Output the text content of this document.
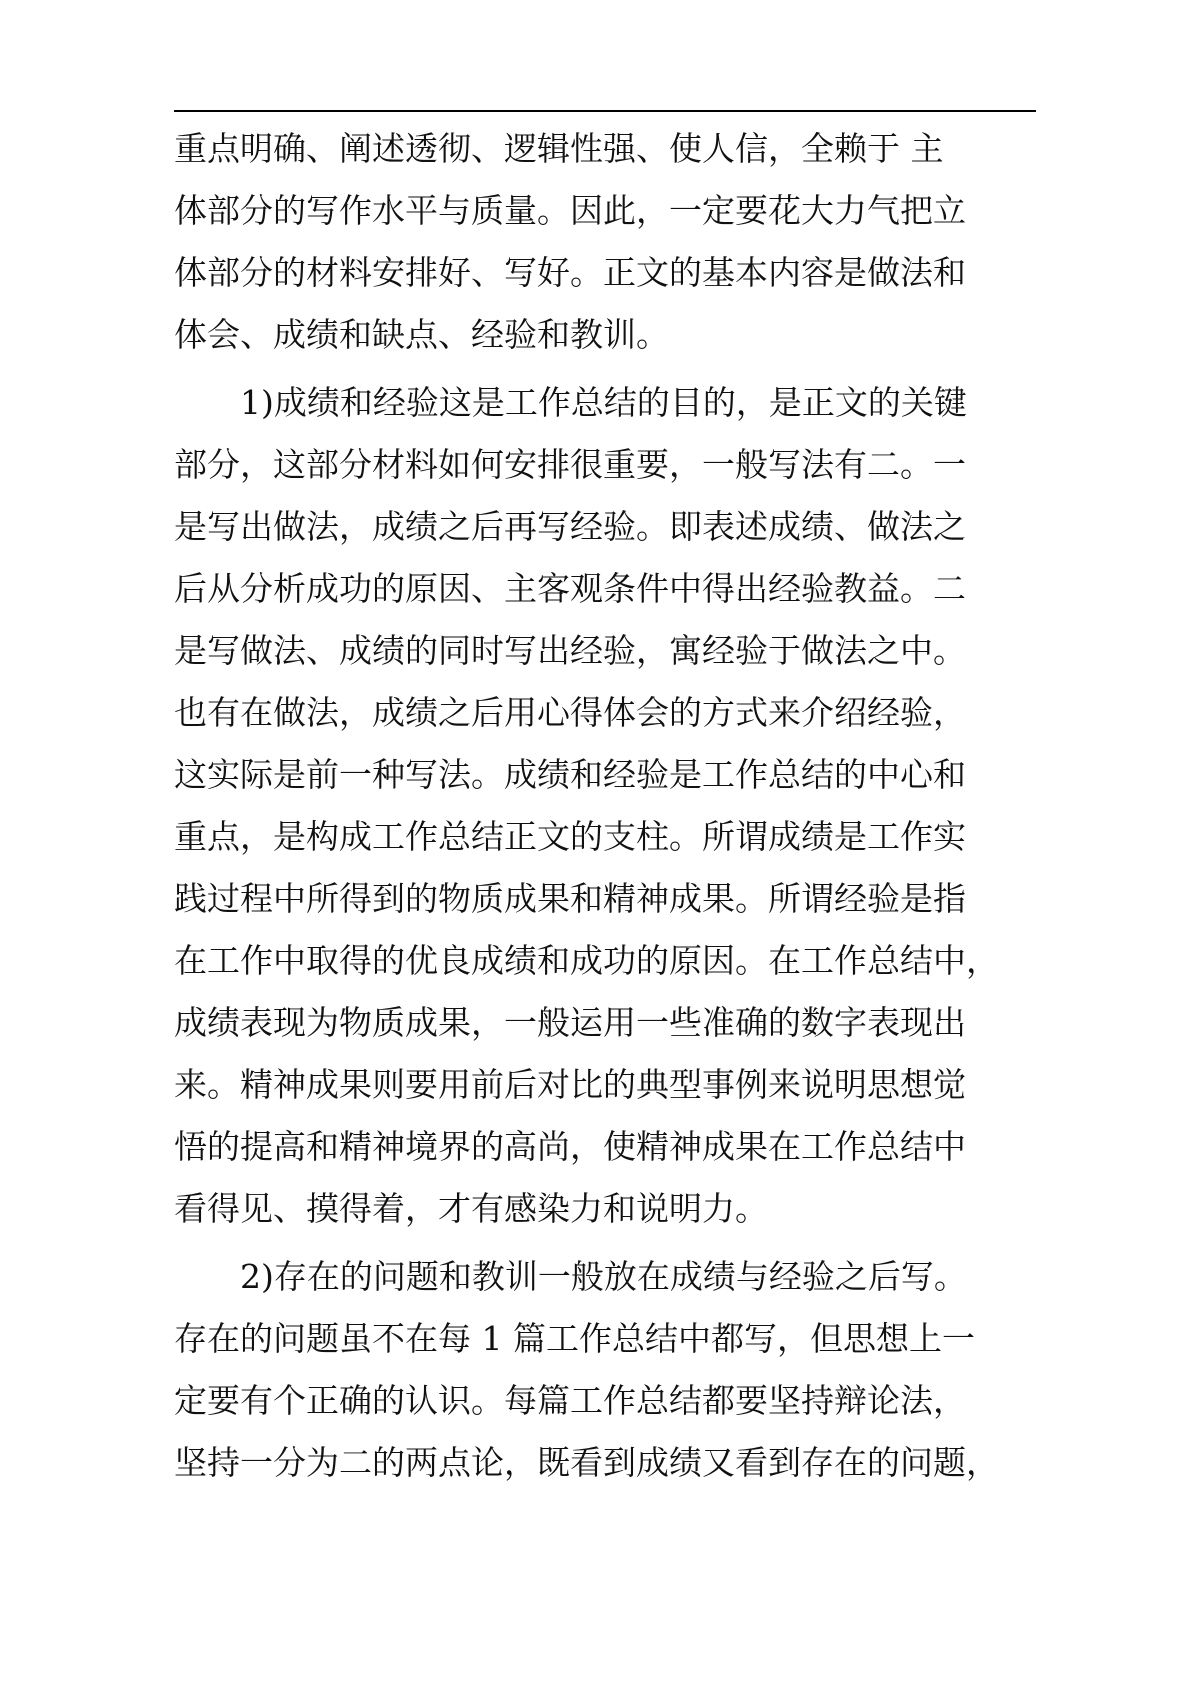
重点明确、阐述透彻、逻辑性强、使人信，全赖于 主
体部分的写作水平与质量。因此，一定要花大力气把立
体部分的材料安排好、写好。正文的基本内容是做法和
体会、成绩和缺点、经验和教训。

1)成绩和经验这是工作总结的目的，是正文的关键
部分，这部分材料如何安排很重要，一般写法有二。一
是写出做法，成绩之后再写经验。即表述成绩、做法之
后从分析成功的原因、主客观条件中得出经验教益。二
是写做法、成绩的同时写出经验，寓经验于做法之中。
也有在做法，成绩之后用心得体会的方式来介绍经验，
这实际是前一种写法。成绩和经验是工作总结的中心和
重点，是构成工作总结正文的支柱。所谓成绩是工作实
践过程中所得到的物质成果和精神成果。所谓经验是指
在工作中取得的优良成绩和成功的原因。在工作总结中，
成绩表现为物质成果，一般运用一些准确的数字表现出
来。精神成果则要用前后对比的典型事例来说明思想觉
悟的提高和精神境界的高尚，使精神成果在工作总结中
看得见、摸得着，才有感染力和说明力。

2)存在的问题和教训一般放在成绩与经验之后写。
存在的问题虽不在每 1 篇工作总结中都写，但思想上一
定要有个正确的认识。每篇工作总结都要坚持辩论法，
坚持一分为二的两点论，既看到成绩又看到存在的问题，
